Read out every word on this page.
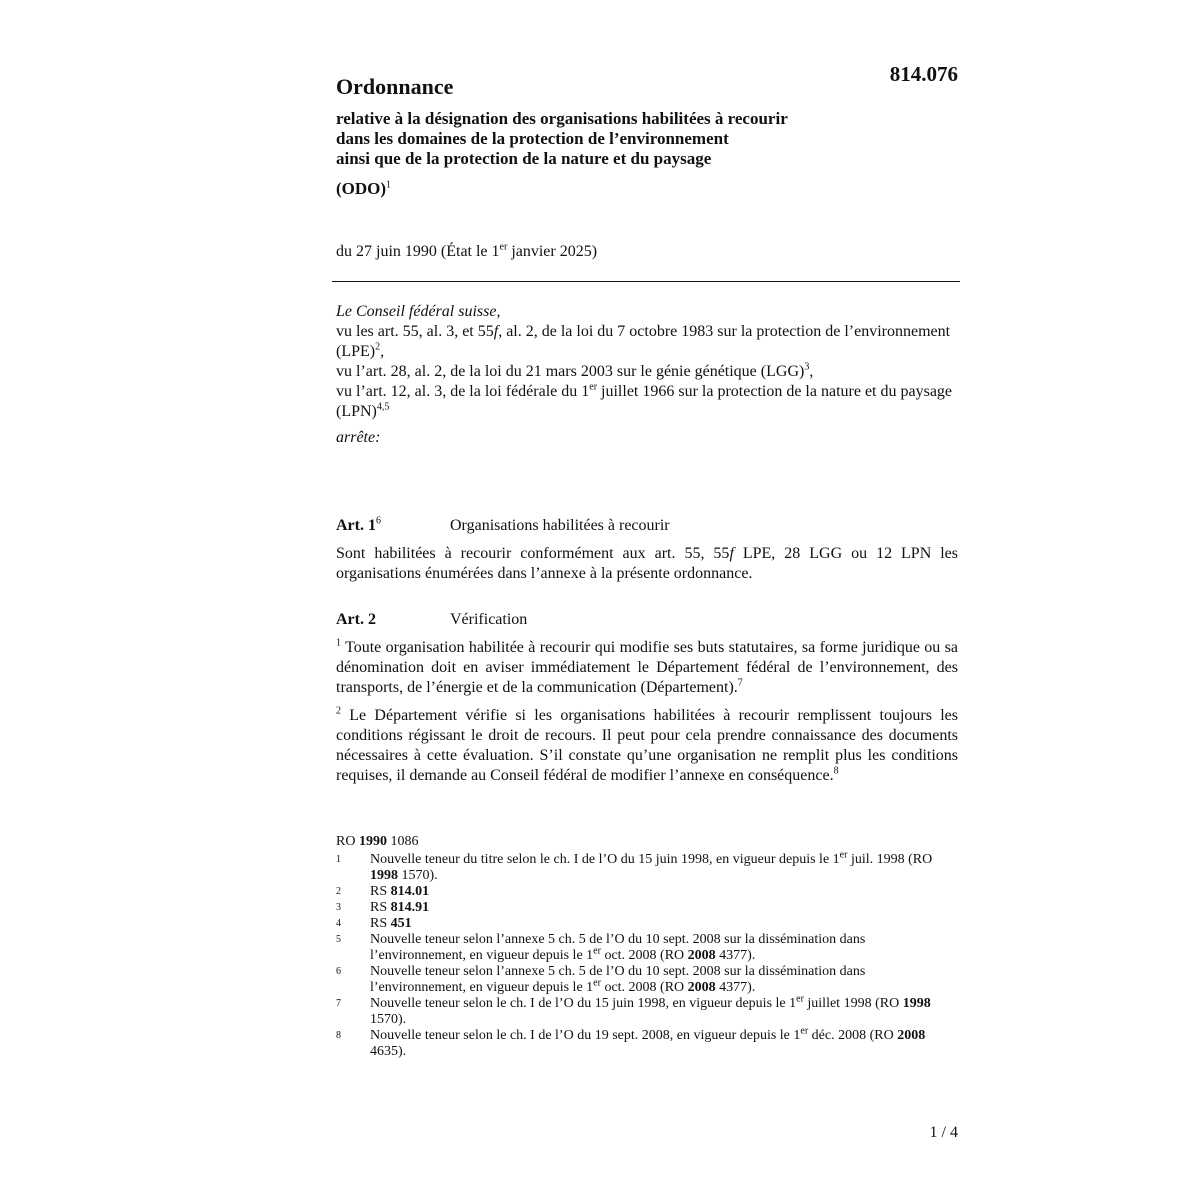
814.076
Ordonnance
relative à la désignation des organisations habilitées à recourir
dans les domaines de la protection de l’environnement
ainsi que de la protection de la nature et du paysage
(ODO)$^1$
du 27 juin 1990 (État le 1er janvier 2025)
Le Conseil fédéral suisse,
vu les art. 55, al. 3, et 55f, al. 2, de la loi du 7 octobre 1983 sur la protection de l’environnement (LPE)$^2$,
vu l’art. 28, al. 2, de la loi du 21 mars 2003 sur le génie génétique (LGG)$^3$,
vu l’art. 12, al. 3, de la loi fédérale du 1er juillet 1966 sur la protection de la nature et du paysage (LPN)$^{4,5}$
arrête:
Art. $1^6$	Organisations habilitées à recourir
Sont habilitées à recourir conformément aux art. 55, 55f LPE, 28 LGG ou 12 LPN les organisations énumérées dans l’annexe à la présente ordonnance.
Art. 2	Vérification
$^1$ Toute organisation habilitée à recourir qui modifie ses buts statutaires, sa forme juridique ou sa dénomination doit en aviser immédiatement le Département fédéral de l’environnement, des transports, de l’énergie et de la communication (Département).$^7$
$^2$ Le Département vérifie si les organisations habilitées à recourir remplissent toujours les conditions régissant le droit de recours. Il peut pour cela prendre connaissance des documents nécessaires à cette évaluation. S’il constate qu’une organisation ne remplit plus les conditions requises, il demande au Conseil fédéral de modifier l’annexe en conséquence.$^8$
RO 1990 1086
1	Nouvelle teneur du titre selon le ch. I de l’O du 15 juin 1998, en vigueur depuis le 1er juil. 1998 (RO 1998 1570).
2	RS 814.01
3	RS 814.91
4	RS 451
5	Nouvelle teneur selon l’annexe 5 ch. 5 de l’O du 10 sept. 2008 sur la dissémination dans l’environnement, en vigueur depuis le 1er oct. 2008 (RO 2008 4377).
6	Nouvelle teneur selon l’annexe 5 ch. 5 de l’O du 10 sept. 2008 sur la dissémination dans l’environnement, en vigueur depuis le 1er oct. 2008 (RO 2008 4377).
7	Nouvelle teneur selon le ch. I de l’O du 15 juin 1998, en vigueur depuis le 1er juillet 1998 (RO 1998 1570).
8	Nouvelle teneur selon le ch. I de l’O du 19 sept. 2008, en vigueur depuis le 1er déc. 2008 (RO 2008 4635).
1 / 4
